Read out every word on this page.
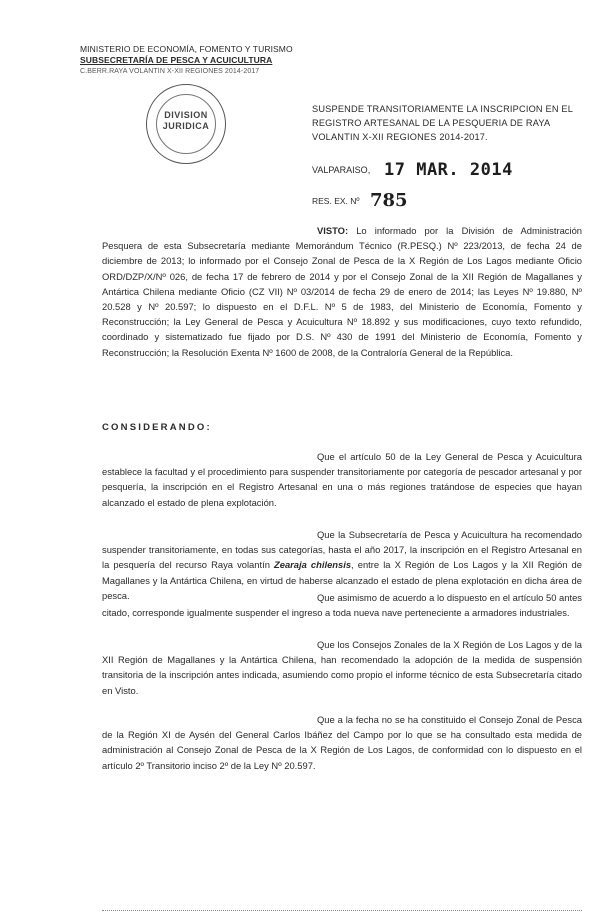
MINISTERIO DE ECONOMÍA, FOMENTO Y TURISMO
SUBSECRETARÍA DE PESCA Y ACUICULTURA
C.BERR.RAYA VOLANTIN X-XII REGIONES 2014-2017
DIVISION
JURIDICA
SUSPENDE TRANSITORIAMENTE LA INSCRIPCION EN EL REGISTRO ARTESANAL DE LA PESQUERIA DE RAYA VOLANTIN X-XII REGIONES 2014-2017.
VALPARAISO, 17 MAR. 2014
RES. EX. Nº 785

VISTO: Lo informado por la División de Administración Pesquera de esta Subsecretaría mediante Memorándum Técnico (R.PESQ.) Nº 223/2013, de fecha 24 de diciembre de 2013; lo informado por el Consejo Zonal de Pesca de la X Región de Los Lagos mediante Oficio ORD/DZP/X/Nº 026, de fecha 17 de febrero de 2014 y por el Consejo Zonal de la XII Región de Magallanes y Antártica Chilena mediante Oficio (CZ VII) Nº 03/2014 de fecha 29 de enero de 2014; las Leyes Nº 19.880, Nº 20.528 y Nº 20.597; lo dispuesto en el D.F.L. Nº 5 de 1983, del Ministerio de Economía, Fomento y Reconstrucción; la Ley General de Pesca y Acuicultura Nº 18.892 y sus modificaciones, cuyo texto refundido, coordinado y sistematizado fue fijado por D.S. Nº 430 de 1991 del Ministerio de Economía, Fomento y Reconstrucción; la Resolución Exenta Nº 1600 de 2008, de la Contraloría General de la República.

CONSIDERANDO:

Que el artículo 50 de la Ley General de Pesca y Acuicultura establece la facultad y el procedimiento para suspender transitoriamente por categoría de pescador artesanal y por pesquería, la inscripción en el Registro Artesanal en una o más regiones tratándose de especies que hayan alcanzado el estado de plena explotación.

Que la Subsecretaría de Pesca y Acuicultura ha recomendado suspender transitoriamente, en todas sus categorías, hasta el año 2017, la inscripción en el Registro Artesanal en la pesquería del recurso Raya volantín Zearaja chilensis, entre la X Región de Los Lagos y la XII Región de Magallanes y la Antártica Chilena, en virtud de haberse alcanzado el estado de plena explotación en dicha área de pesca.	Que asimismo de acuerdo a lo dispuesto en el artículo 50 antes citado, corresponde igualmente suspender el ingreso a toda nueva nave perteneciente a armadores industriales.

Que los Consejos Zonales de la X Región de Los Lagos y de la XII Región de Magallanes y la Antártica Chilena, han recomendado la adopción de la medida de suspensión transitoria de la inscripción antes indicada, asumiendo como propio el informe técnico de esta Subsecretaría citado en Visto.

Que a la fecha no se ha constituido el Consejo Zonal de Pesca de la Región XI de Aysén del General Carlos Ibáñez del Campo por lo que se ha consultado esta medida de administración al Consejo Zonal de Pesca de la X Región de Los Lagos, de conformidad con lo dispuesto en el artículo 2º Transitorio inciso 2º de la Ley Nº 20.597.
